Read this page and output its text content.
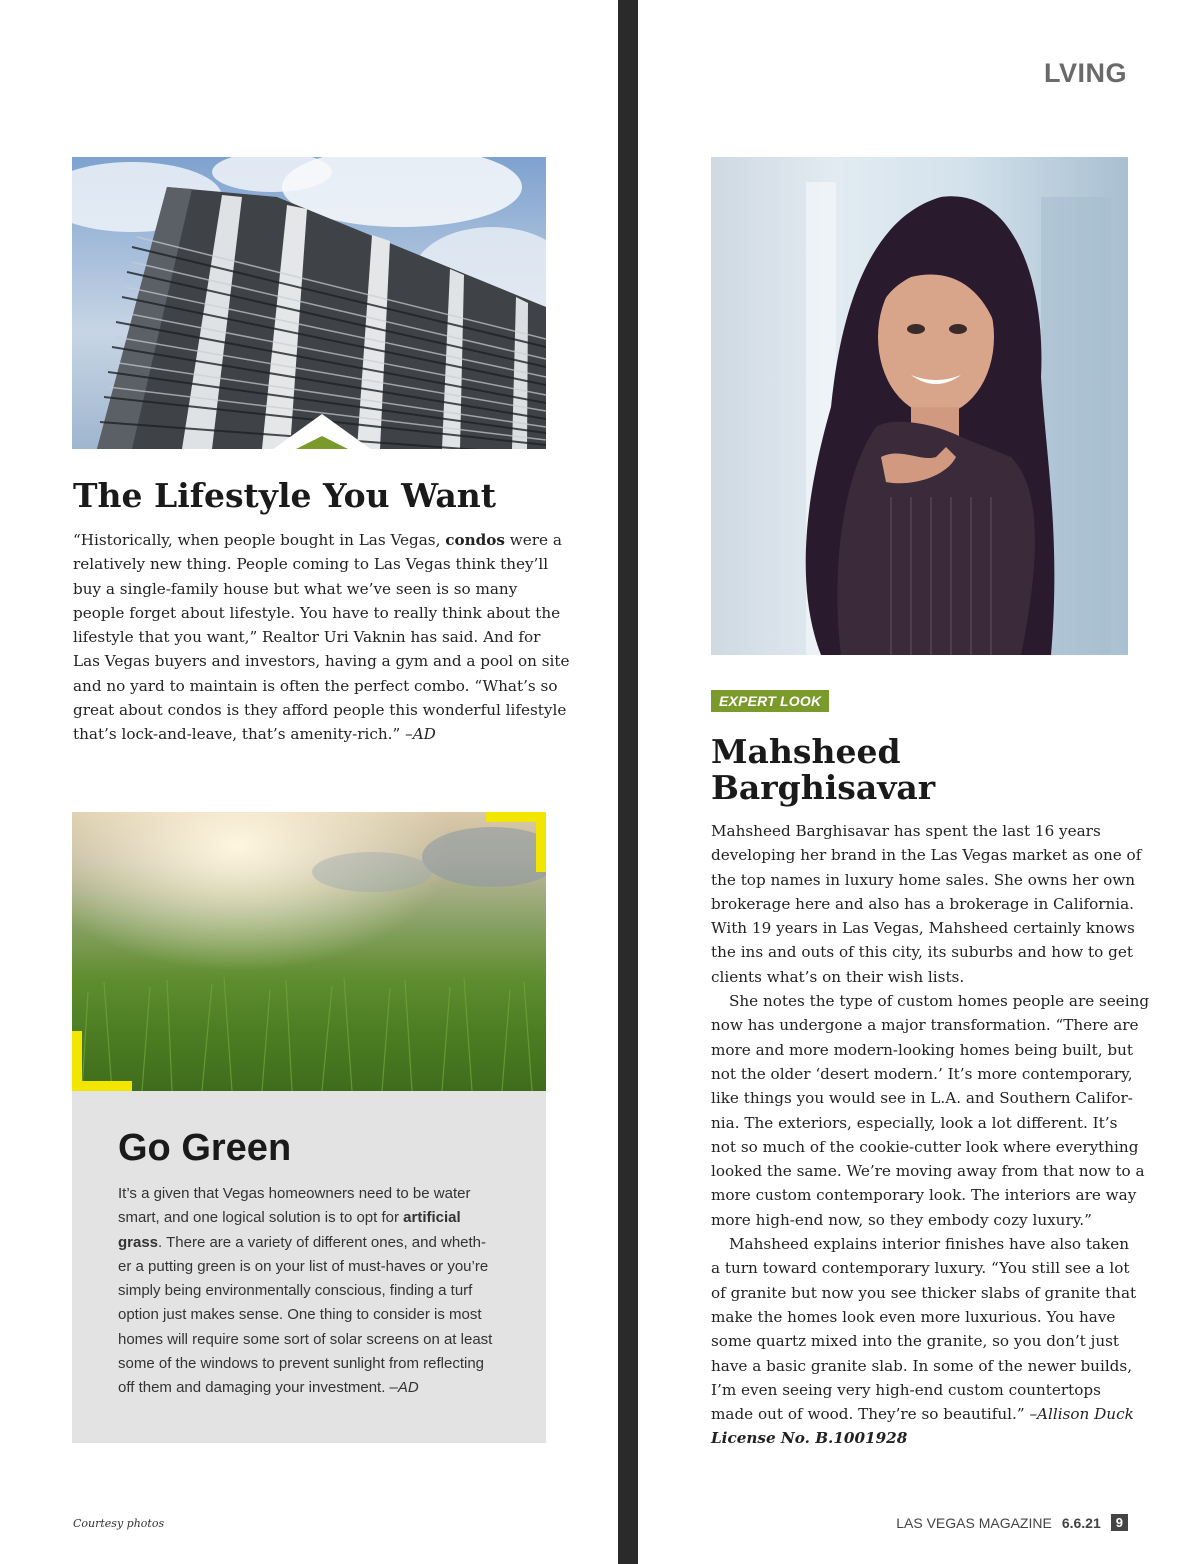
LVING
The Lifestyle You Want

“Historically, when people bought in Las Vegas, condos were a
relatively new thing. People coming to Las Vegas think they’ll
buy a single-family house but what we’ve seen is so many
people forget about lifestyle. You have to really think about the
lifestyle that you want,” Realtor Uri Vaknin has said. And for
Las Vegas buyers and investors, having a gym and a pool on site
and no yard to maintain is often the perfect combo. “What’s so
great about condos is they afford people this wonderful lifestyle
that’s lock-and-leave, that’s amenity-rich.” –AD

Go Green

It’s a given that Vegas homeowners need to be water
smart, and one logical solution is to opt for artificial
grass. There are a variety of different ones, and wheth-
er a putting green is on your list of must-haves or you’re
simply being environmentally conscious, finding a turf
option just makes sense. One thing to consider is most
homes will require some sort of solar screens on at least
some of the windows to prevent sunlight from reflecting
off them and damaging your investment. –AD

EXPERT LOOK
Mahsheed
Barghisavar

Mahsheed Barghisavar has spent the last 16 years
developing her brand in the Las Vegas market as one of
the top names in luxury home sales. She owns her own
brokerage here and also has a brokerage in California.
With 19 years in Las Vegas, Mahsheed certainly knows
the ins and outs of this city, its suburbs and how to get
clients what’s on their wish lists.
She notes the type of custom homes people are seeing
now has undergone a major transformation. “There are
more and more modern-looking homes being built, but
not the older ‘desert modern.’ It’s more contemporary,
like things you would see in L.A. and Southern Califor-
nia. The exteriors, especially, look a lot different. It’s
not so much of the cookie-cutter look where everything
looked the same. We’re moving away from that now to a
more custom contemporary look. The interiors are way
more high-end now, so they embody cozy luxury.”
Mahsheed explains interior finishes have also taken
a turn toward contemporary luxury. “You still see a lot
of granite but now you see thicker slabs of granite that
make the homes look even more luxurious. You have
some quartz mixed into the granite, so you don’t just
have a basic granite slab. In some of the newer builds,
I’m even seeing very high-end custom countertops
made out of wood. They’re so beautiful.” –Allison Duck
License No. B.1001928

Courtesy photos	LAS VEGAS MAGAZINE 6.6.21	9
